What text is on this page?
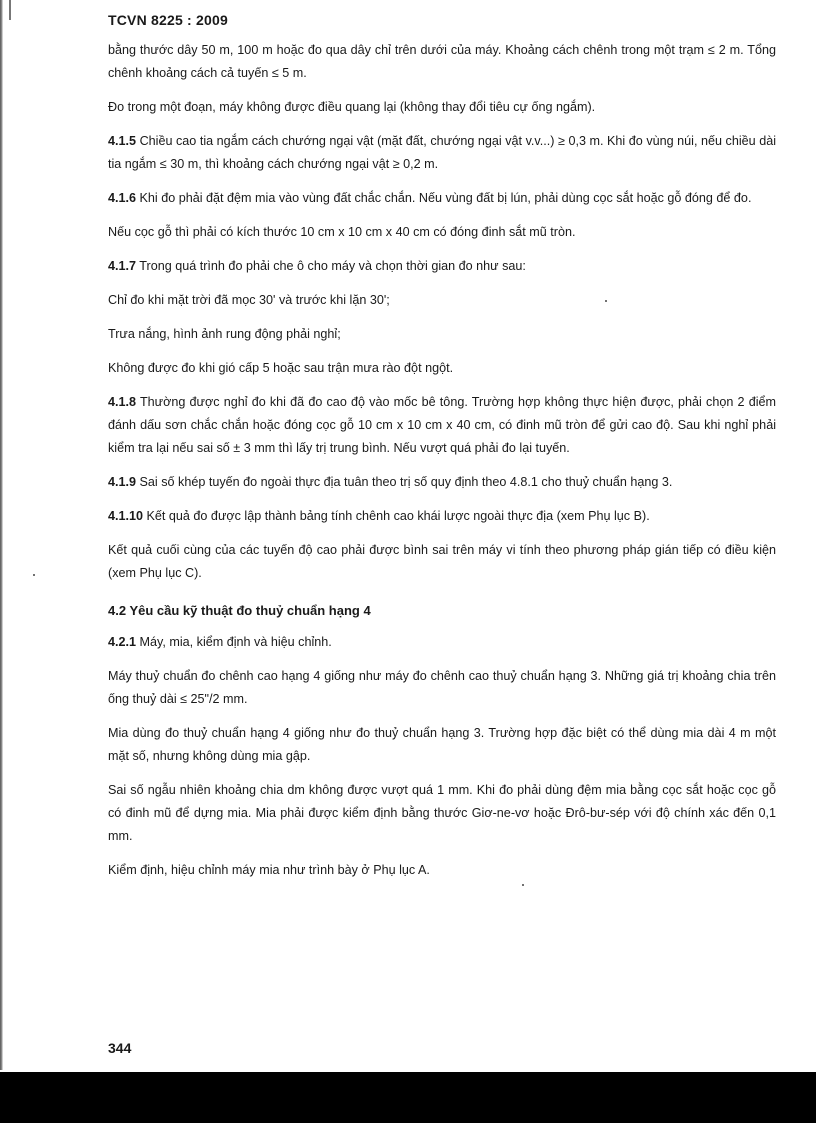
TCVN 8225 : 2009

bằng thước dây 50 m, 100 m hoặc đo qua dây chỉ trên dưới của máy. Khoảng cách chênh trong một trạm ≤ 2 m. Tổng chênh khoảng cách cả tuyến ≤ 5 m.

Đo trong một đoạn, máy không được điều quang lại (không thay đổi tiêu cự ống ngắm).

4.1.5 Chiều cao tia ngắm cách chướng ngại vật (mặt đất, chướng ngại vật v.v...) ≥ 0,3 m. Khi đo vùng núi, nếu chiều dài tia ngắm ≤ 30 m, thì khoảng cách chướng ngại vật ≥ 0,2 m.

4.1.6 Khi đo phải đặt đệm mia vào vùng đất chắc chắn. Nếu vùng đất bị lún, phải dùng cọc sắt hoặc gỗ đóng để đo.

Nếu cọc gỗ thì phải có kích thước 10 cm x 10 cm x 40 cm có đóng đinh sắt mũ tròn.

4.1.7 Trong quá trình đo phải che ô cho máy và chọn thời gian đo như sau:

Chỉ đo khi mặt trời đã mọc 30' và trước khi lặn 30';

Trưa nắng, hình ảnh rung động phải nghỉ;

Không được đo khi gió cấp 5 hoặc sau trận mưa rào đột ngột.

4.1.8 Thường được nghỉ đo khi đã đo cao độ vào mốc bê tông. Trường hợp không thực hiện được, phải chọn 2 điểm đánh dấu sơn chắc chắn hoặc đóng cọc gỗ 10 cm x 10 cm x 40 cm, có đinh mũ tròn để gửi cao độ. Sau khi nghỉ phải kiểm tra lại nếu sai số ± 3 mm thì lấy trị trung bình. Nếu vượt quá phải đo lại tuyến.

4.1.9 Sai số khép tuyến đo ngoài thực địa tuân theo trị số quy định theo 4.8.1 cho thuỷ chuẩn hạng 3.

4.1.10 Kết quả đo được lập thành bảng tính chênh cao khái lược ngoài thực địa (xem Phụ lục B).

Kết quả cuối cùng của các tuyến độ cao phải được bình sai trên máy vi tính theo phương pháp gián tiếp có điều kiện (xem Phụ lục C).

4.2 Yêu cầu kỹ thuật đo thuỷ chuẩn hạng 4

4.2.1 Máy, mia, kiểm định và hiệu chỉnh.

Máy thuỷ chuẩn đo chênh cao hạng 4 giống như máy đo chênh cao thuỷ chuẩn hạng 3. Những giá trị khoảng chia trên ống thuỷ dài ≤ 25"/2 mm.

Mia dùng đo thuỷ chuẩn hạng 4 giống như đo thuỷ chuẩn hạng 3. Trường hợp đặc biệt có thể dùng mia dài 4 m một mặt số, nhưng không dùng mia gập.

Sai số ngẫu nhiên khoảng chia dm không được vượt quá 1 mm. Khi đo phải dùng đệm mia bằng cọc sắt hoặc cọc gỗ có đinh mũ để dựng mia. Mia phải được kiểm định bằng thước Giơ-ne-vơ hoặc Đrô-bư-sép với độ chính xác đến 0,1 mm.

Kiểm định, hiệu chỉnh máy mia như trình bày ở Phụ lục A.

344
